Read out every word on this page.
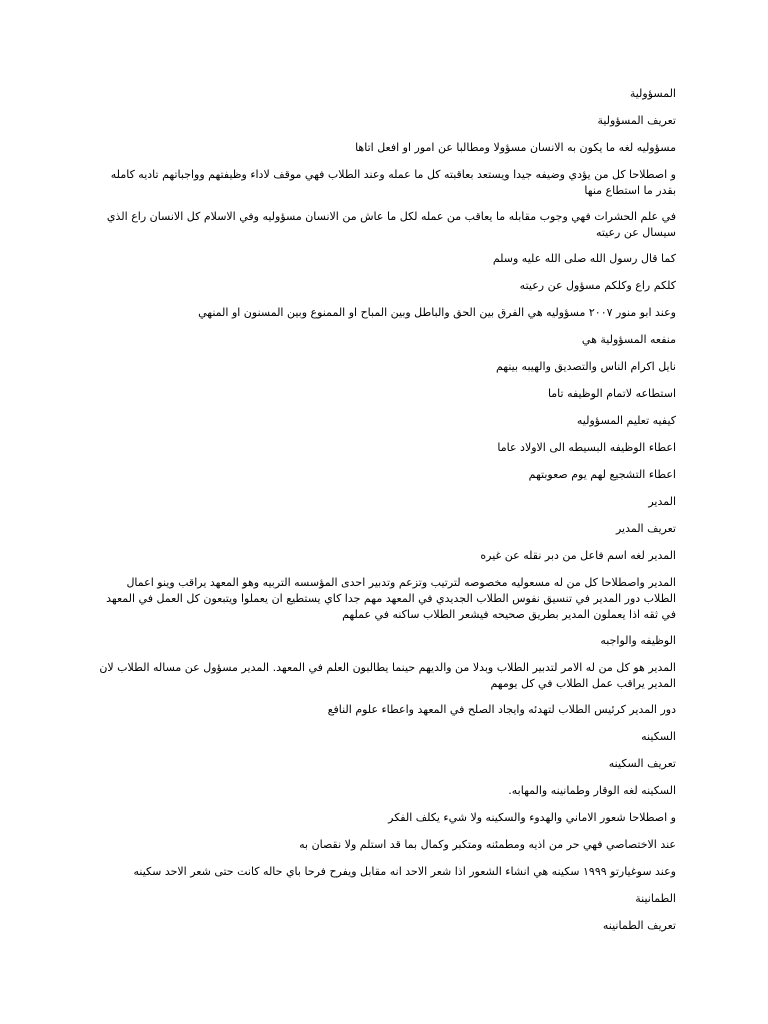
المسؤولية

تعريف المسؤولية

مسؤوليه لغه ما يكون به الانسان مسؤولا ومطالبا عن امور او افعل اتاها

و اصطلاحا كل من يؤدي وضيفه جيدا ويستعد بعاقبته كل ما عمله وعند الطلاب فهي موقف لاداء وظيفتهم وواجباتهم تاديه كامله بقدر ما استطاع منها

في علم الحشرات فهي وجوب مقابله ما يعاقب من عمله لكل ما عاش من الانسان مسؤوليه وفي الاسلام كل الانسان راع الذي سيسال عن رعيته

كما قال رسول الله صلى الله عليه وسلم

كلكم راع وكلكم مسؤول عن رعيته

وعند ابو منور ٢٠٠٧ مسؤوليه هي الفرق بين الحق والباطل وبين المباح او الممنوع وبين المسنون او المنهي

منفعه المسؤولية هي

نايل اكرام الناس والتصديق والهيبه بينهم

استطاعه لاتمام الوظيفه تاما

كيفيه تعليم المسؤوليه

اعطاء الوظيفه البسيطه الى الاولاد عاما

اعطاء التشجيع لهم يوم صعوبتهم

المدير

تعريف المدير

المدير لغه اسم فاعل من دبر نقله عن غيره

المدير واصطلاحا كل من له مسعوليه مخصوصه لترتيب وتزعم وتدبير احدى المؤسسه التربيه وهو المعهد يراقب وينو اعمال الطلاب دور المدير في تنسيق نفوس الطلاب الجديدي في المعهد مهم جدا كاي يستطيع ان يعملوا ويتبعون كل العمل في المعهد في ثقه اذا يعملون المدير بطريق صحيحه فيشعر الطلاب ساكنه في عملهم

الوظيفه والواجبه

المدير هو كل من له الامر لتدبير الطلاب وبدلا من والديهم حينما يطالبون العلم في المعهد. المدير مسؤول عن مساله الطلاب لان المدير يراقب عمل الطلاب في كل يومهم

دور المدير كرئيس الطلاب لتهدئه وايجاد الصلح في المعهد واعطاء علوم النافع

السكينه

تعريف السكينه

السكينه لغه الوقار وطمانينه والمهابه.

و اصطلاحا شعور الاماني والهدوء والسكينه ولا شيء يكلف الفكر

عند الاختصاصي فهي حر من اذيه ومطمئنه ومتكبر وكمال بما قد استلم ولا نقصان به

وعند سوغيارتو ١٩٩٩ سكينه هي انشاء الشعور اذا شعر الاحد انه مقابل ويفرح فرحا باي حاله كانت حتى شعر الاحد سكينه

الطمانينة

تعريف الطمانينه
